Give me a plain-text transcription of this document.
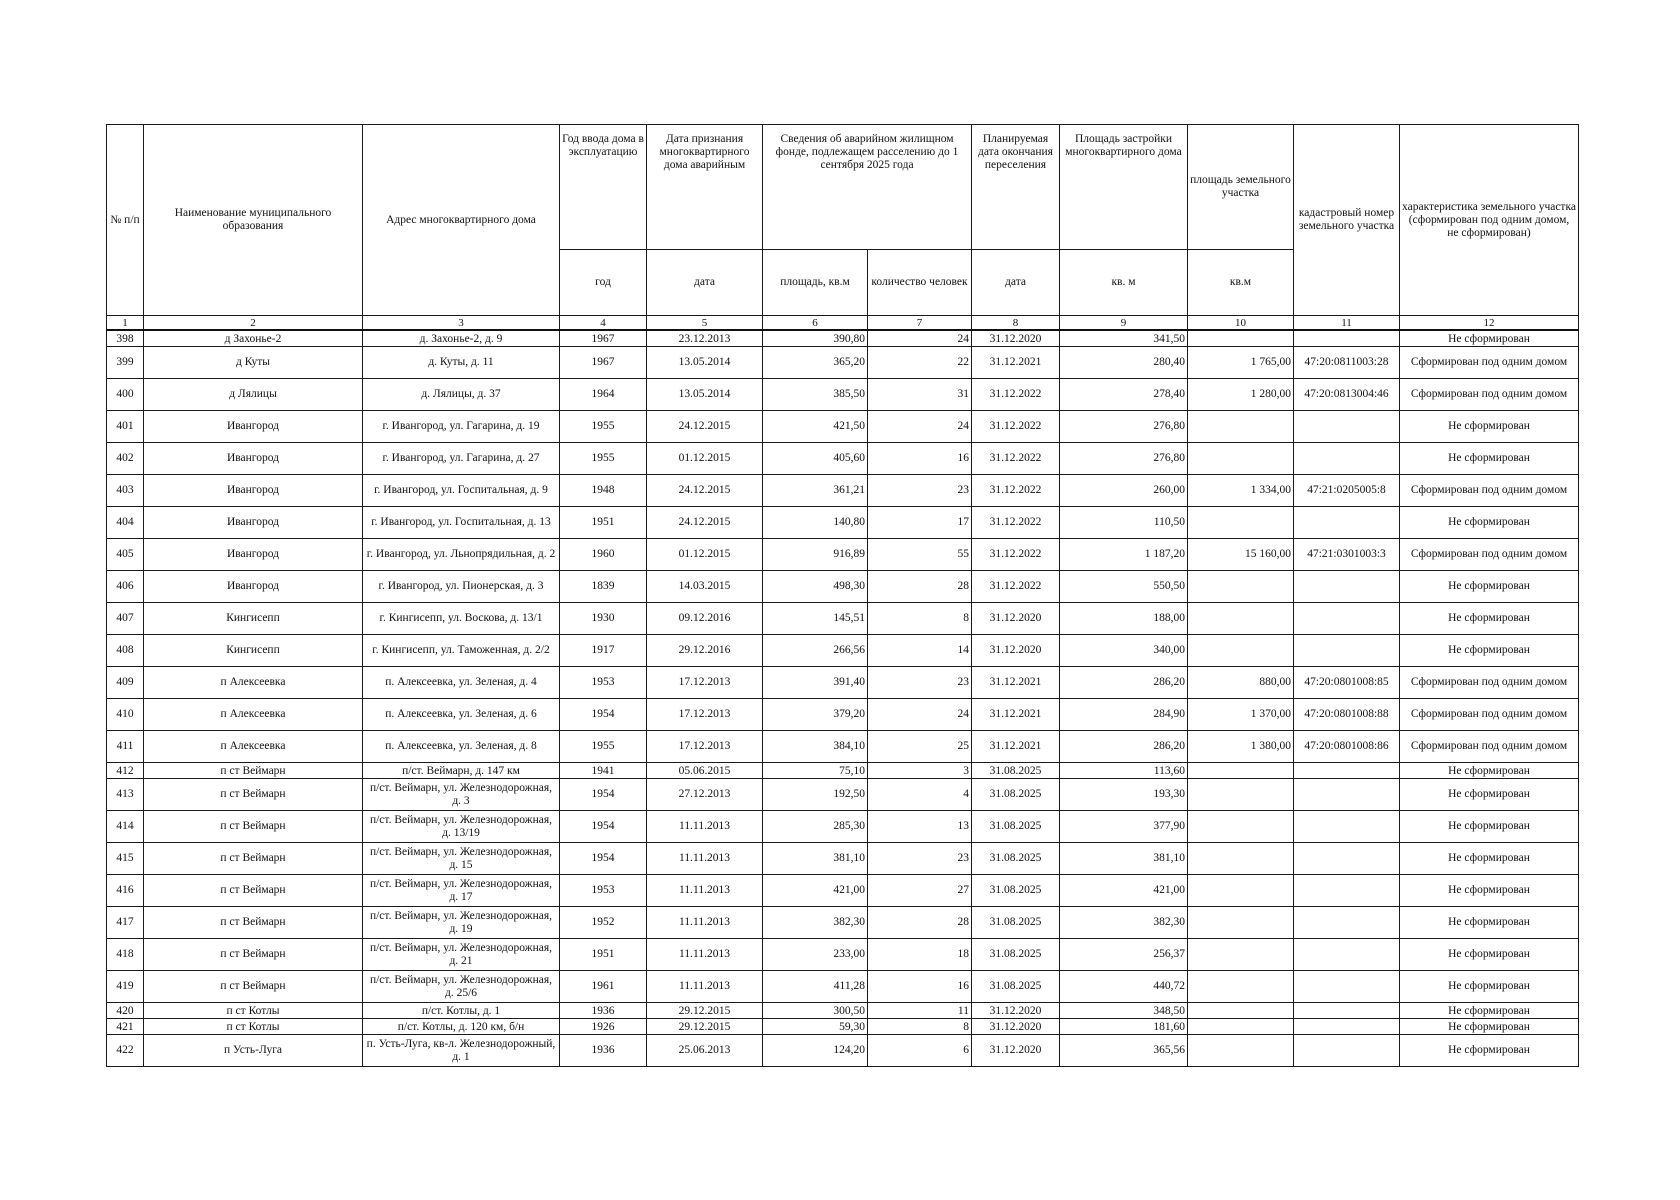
№ п/п	Наименование муниципального образования	Адрес многоквартирного дома	Год ввода дома в эксплуатацию	Дата признания многоквартирного дома аварийным	Сведения об аварийном жилищном фонде, подлежащем расселению до 1 сентября 2025 года		Планируемая дата окончания переселения	Площадь застройки многоквартирного дома	площадь земельного участка	кадастровый номер земельного участка	характеристика земельного участка (сформирован под одним домом, не сформирован)
			год	дата	площадь, кв.м	количество человек	дата	кв. м	кв.м		
1	2	3	4	5	6	7	8	9	10	11	12
398	д Захонье-2	д. Захонье-2, д. 9	1967	23.12.2013	390,80	24	31.12.2020	341,50			Не сформирован
399	д Куты	д. Куты, д. 11	1967	13.05.2014	365,20	22	31.12.2021	280,40	1 765,00	47:20:0811003:28	Сформирован под одним домом
400	д Лялицы	д. Лялицы, д. 37	1964	13.05.2014	385,50	31	31.12.2022	278,40	1 280,00	47:20:0813004:46	Сформирован под одним домом
401	Ивангород	г. Ивангород, ул. Гагарина, д. 19	1955	24.12.2015	421,50	24	31.12.2022	276,80			Не сформирован
402	Ивангород	г. Ивангород, ул. Гагарина, д. 27	1955	01.12.2015	405,60	16	31.12.2022	276,80			Не сформирован
403	Ивангород	г. Ивангород, ул. Госпитальная, д. 9	1948	24.12.2015	361,21	23	31.12.2022	260,00	1 334,00	47:21:0205005:8	Сформирован под одним домом
404	Ивангород	г. Ивангород, ул. Госпитальная, д. 13	1951	24.12.2015	140,80	17	31.12.2022	110,50			Не сформирован
405	Ивангород	г. Ивангород, ул. Льнопрядильная, д. 2	1960	01.12.2015	916,89	55	31.12.2022	1 187,20	15 160,00	47:21:0301003:3	Сформирован под одним домом
406	Ивангород	г. Ивангород, ул. Пионерская, д. 3	1839	14.03.2015	498,30	28	31.12.2022	550,50			Не сформирован
407	Кингисепп	г. Кингисепп, ул. Воскова, д. 13/1	1930	09.12.2016	145,51	8	31.12.2020	188,00			Не сформирован
408	Кингисепп	г. Кингисепп, ул. Таможенная, д. 2/2	1917	29.12.2016	266,56	14	31.12.2020	340,00			Не сформирован
409	п Алексеевка	п. Алексеевка, ул. Зеленая, д. 4	1953	17.12.2013	391,40	23	31.12.2021	286,20	880,00	47:20:0801008:85	Сформирован под одним домом
410	п Алексеевка	п. Алексеевка, ул. Зеленая, д. 6	1954	17.12.2013	379,20	24	31.12.2021	284,90	1 370,00	47:20:0801008:88	Сформирован под одним домом
411	п Алексеевка	п. Алексеевка, ул. Зеленая, д. 8	1955	17.12.2013	384,10	25	31.12.2021	286,20	1 380,00	47:20:0801008:86	Сформирован под одним домом
412	п ст Веймарн	п/ст. Веймарн, д. 147 км	1941	05.06.2015	75,10	3	31.08.2025	113,60			Не сформирован
413	п ст Веймарн	п/ст. Веймарн, ул. Железнодорожная, д. 3	1954	27.12.2013	192,50	4	31.08.2025	193,30			Не сформирован
414	п ст Веймарн	п/ст. Веймарн, ул. Железнодорожная, д. 13/19	1954	11.11.2013	285,30	13	31.08.2025	377,90			Не сформирован
415	п ст Веймарн	п/ст. Веймарн, ул. Железнодорожная, д. 15	1954	11.11.2013	381,10	23	31.08.2025	381,10			Не сформирован
416	п ст Веймарн	п/ст. Веймарн, ул. Железнодорожная, д. 17	1953	11.11.2013	421,00	27	31.08.2025	421,00			Не сформирован
417	п ст Веймарн	п/ст. Веймарн, ул. Железнодорожная, д. 19	1952	11.11.2013	382,30	28	31.08.2025	382,30			Не сформирован
418	п ст Веймарн	п/ст. Веймарн, ул. Железнодорожная, д. 21	1951	11.11.2013	233,00	18	31.08.2025	256,37			Не сформирован
419	п ст Веймарн	п/ст. Веймарн, ул. Железнодорожная, д. 25/6	1961	11.11.2013	411,28	16	31.08.2025	440,72			Не сформирован
420	п ст Котлы	п/ст. Котлы, д. 1	1936	29.12.2015	300,50	11	31.12.2020	348,50			Не сформирован
421	п ст Котлы	п/ст. Котлы, д. 120 км, б/н	1926	29.12.2015	59,30	8	31.12.2020	181,60			Не сформирован
422	п Усть-Луга	п. Усть-Луга, кв-л. Железнодорожный, д. 1	1936	25.06.2013	124,20	6	31.12.2020	365,56			Не сформирован
